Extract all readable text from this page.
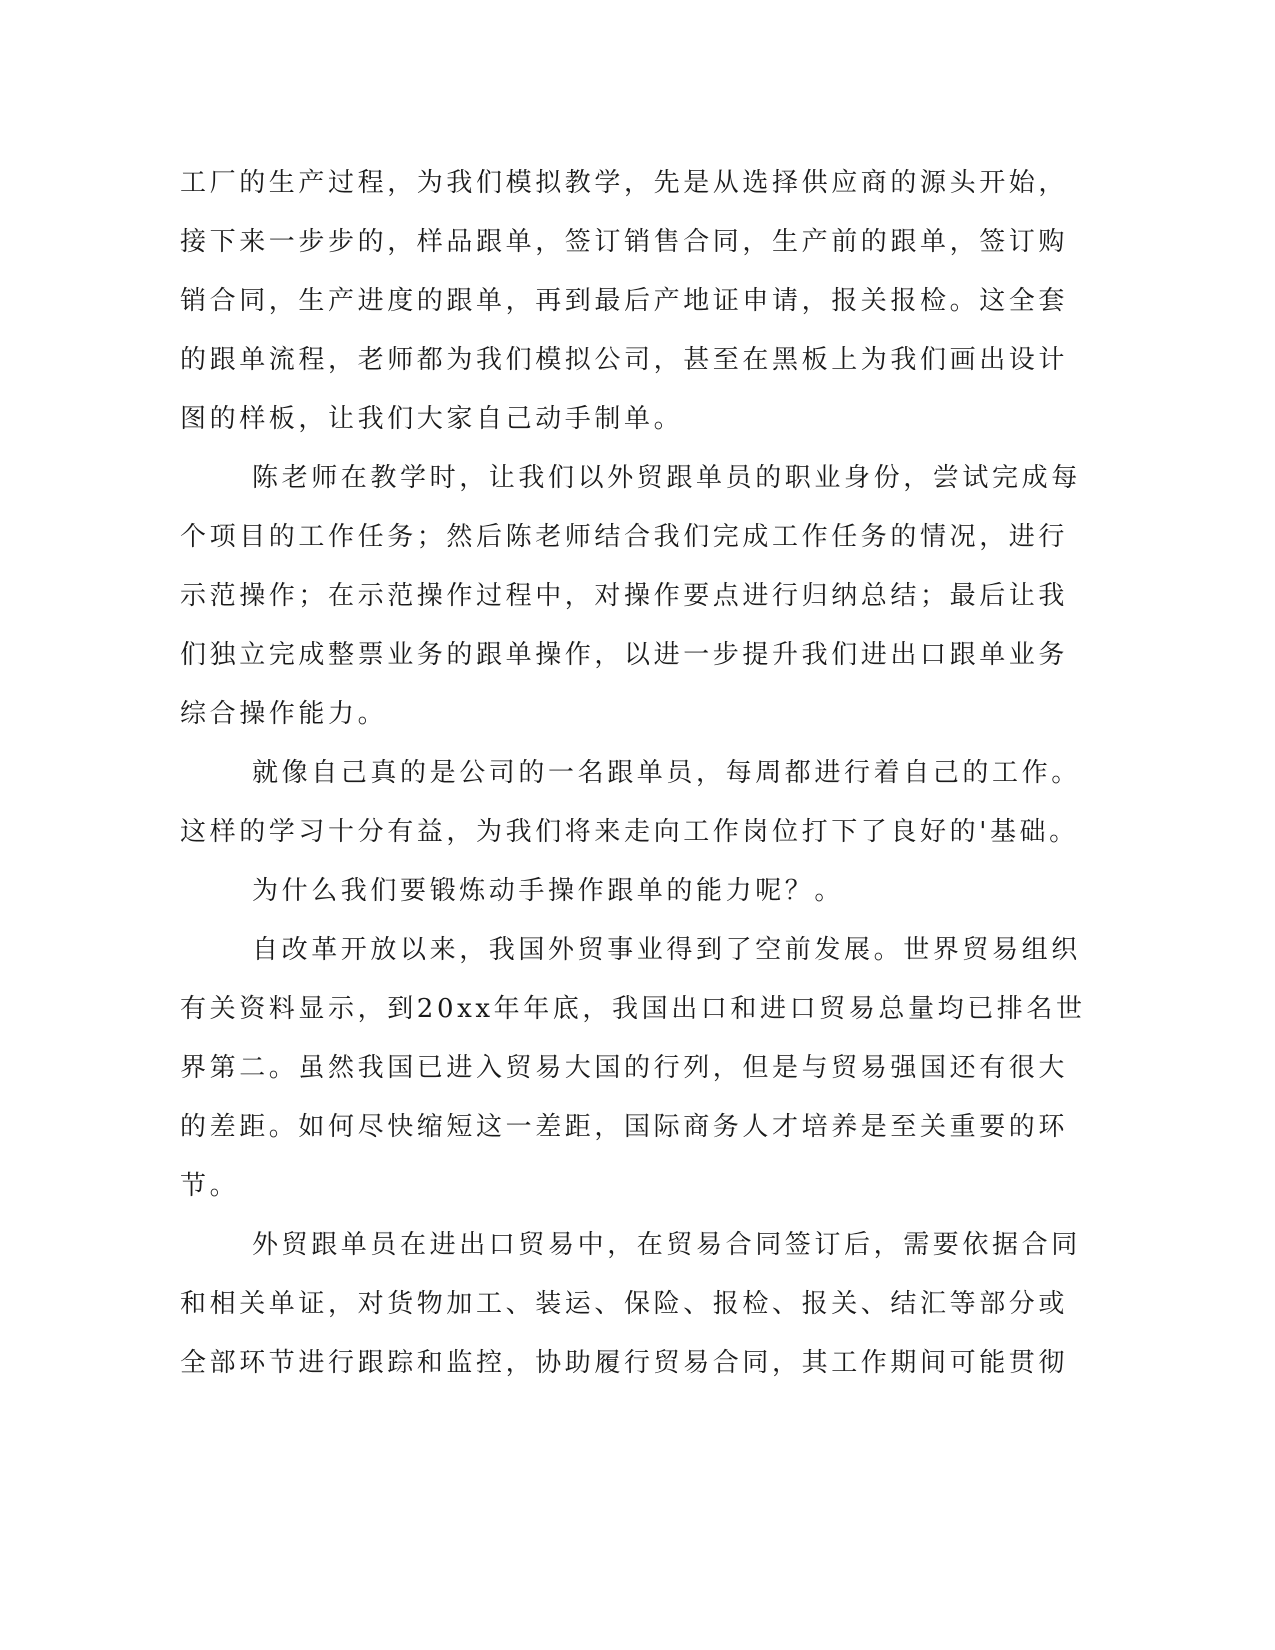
工厂的生产过程，为我们模拟教学，先是从选择供应商的源头开始，
接下来一步步的，样品跟单，签订销售合同，生产前的跟单，签订购
销合同，生产进度的跟单，再到最后产地证申请，报关报检。这全套
的跟单流程，老师都为我们模拟公司，甚至在黑板上为我们画出设计
图的样板，让我们大家自己动手制单。
陈老师在教学时，让我们以外贸跟单员的职业身份，尝试完成每
个项目的工作任务；然后陈老师结合我们完成工作任务的情况，进行
示范操作；在示范操作过程中，对操作要点进行归纳总结；最后让我
们独立完成整票业务的跟单操作，以进一步提升我们进出口跟单业务
综合操作能力。
就像自己真的是公司的一名跟单员，每周都进行着自己的工作。
这样的学习十分有益，为我们将来走向工作岗位打下了良好的'基础。
为什么我们要锻炼动手操作跟单的能力呢？。
自改革开放以来，我国外贸事业得到了空前发展。世界贸易组织
有关资料显示，到20xx年年底，我国出口和进口贸易总量均已排名世
界第二。虽然我国已进入贸易大国的行列，但是与贸易强国还有很大
的差距。如何尽快缩短这一差距，国际商务人才培养是至关重要的环
节。
外贸跟单员在进出口贸易中，在贸易合同签订后，需要依据合同
和相关单证，对货物加工、装运、保险、报检、报关、结汇等部分或
全部环节进行跟踪和监控，协助履行贸易合同，其工作期间可能贯彻
